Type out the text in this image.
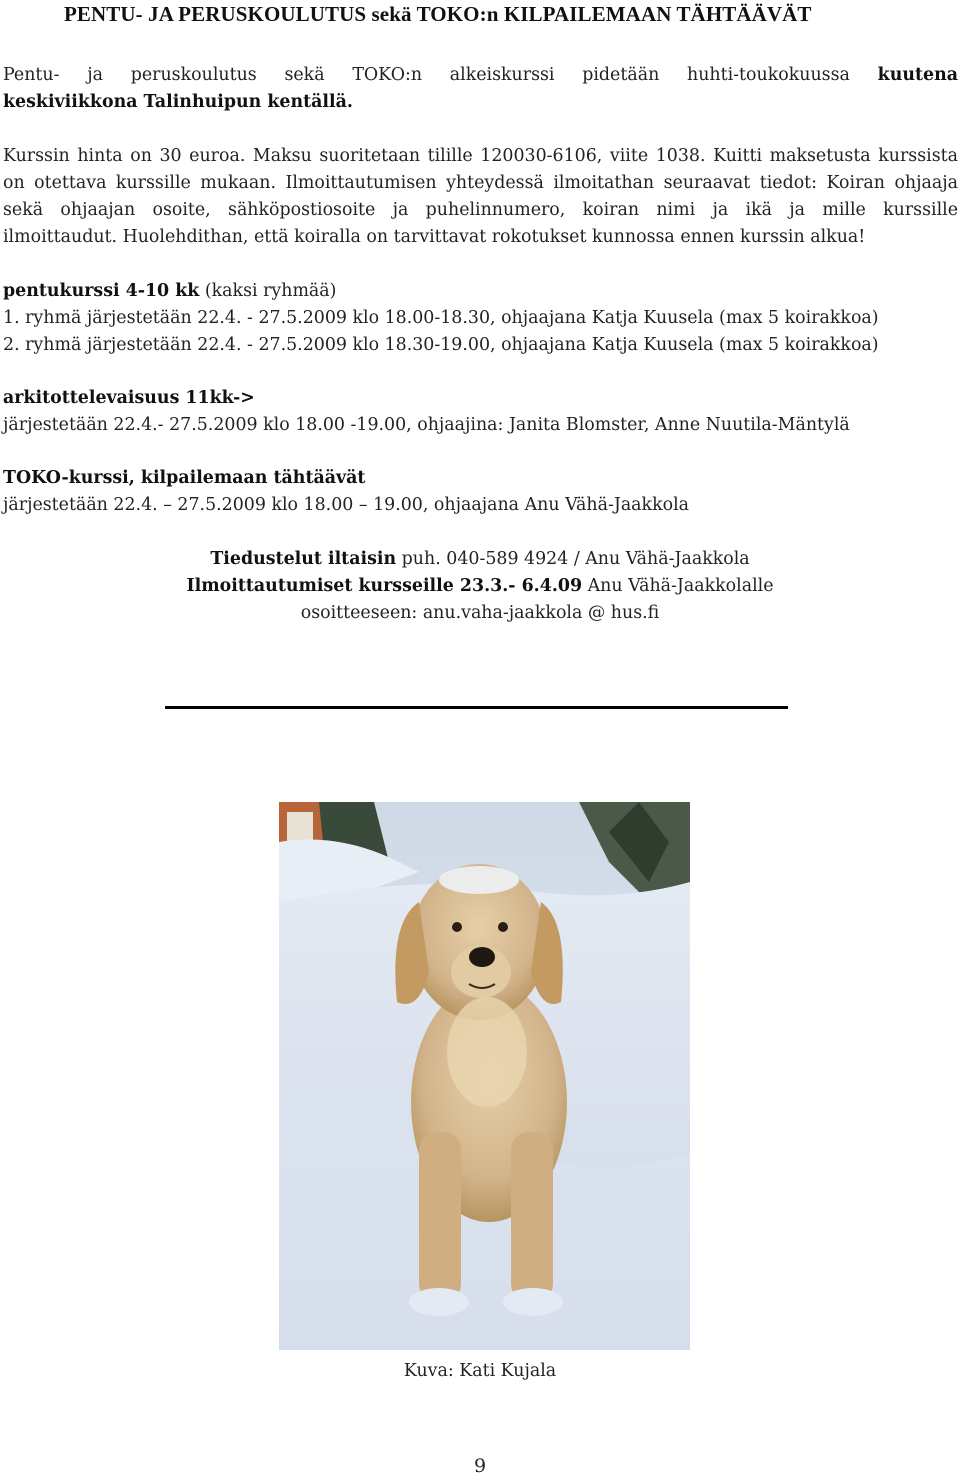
PENTU- JA PERUSKOULUTUS sekä TOKO:n KILPAILEMAAN TÄHTÄÄVÄT

Pentu- ja peruskoulutus sekä TOKO:n alkeiskurssi pidetään huhti-toukokuussa kuutena

keskiviikkona Talinhuipun kentällä.

Kurssin hinta on 30 euroa. Maksu suoritetaan tilille 120030-6106, viite 1038. Kuitti maksetusta kurssista

on otettava kurssille mukaan. Ilmoittautumisen yhteydessä ilmoitathan seuraavat tiedot: Koiran ohjaaja

sekä ohjaajan osoite, sähköpostiosoite ja puhelinnumero, koiran nimi ja ikä ja mille kurssille

ilmoittaudut. Huolehdithan, että koiralla on tarvittavat rokotukset kunnossa ennen kurssin alkua!

pentukurssi 4-10 kk (kaksi ryhmää)

1. ryhmä järjestetään 22.4. - 27.5.2009 klo 18.00-18.30, ohjaajana Katja Kuusela (max 5 koirakkoa)

2. ryhmä järjestetään 22.4. - 27.5.2009 klo 18.30-19.00, ohjaajana Katja Kuusela (max 5 koirakkoa)

arkitottelevaisuus 11kk->

järjestetään 22.4.- 27.5.2009 klo 18.00 -19.00, ohjaajina: Janita Blomster, Anne Nuutila-Mäntylä

TOKO-kurssi, kilpailemaan tähtäävät

järjestetään 22.4. – 27.5.2009 klo 18.00 – 19.00, ohjaajana Anu Vähä-Jaakkola

Tiedustelut iltaisin puh. 040-589 4924 / Anu Vähä-Jaakkola

Ilmoittautumiset kursseille 23.3.- 6.4.09 Anu Vähä-Jaakkolalle

osoitteeseen: anu.vaha-jaakkola @ hus.fi

Kuva: Kati Kujala
9
